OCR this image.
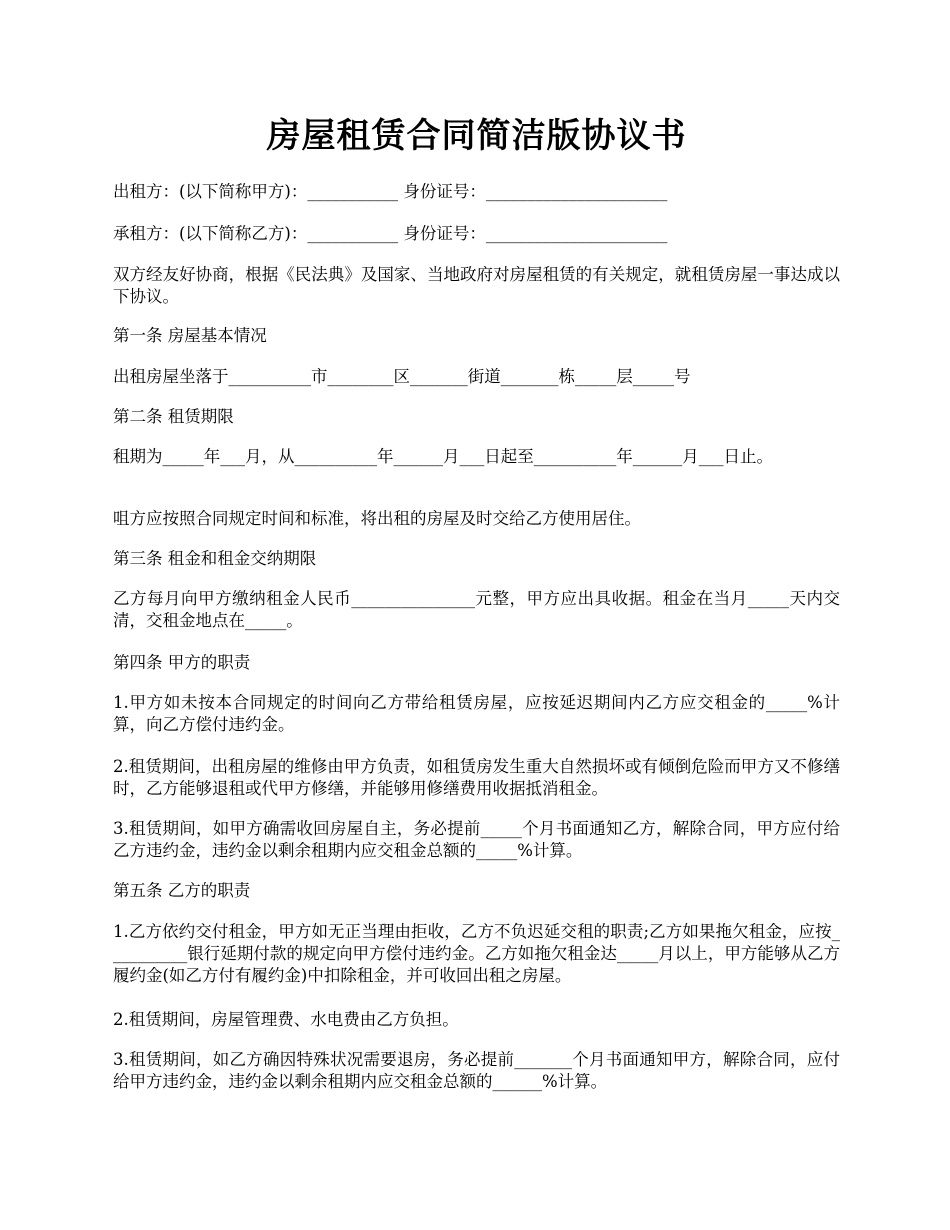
房屋租赁合同简洁版协议书

出租方：(以下简称甲方)：___________ 身份证号：______________________

承租方：(以下简称乙方)：___________ 身份证号：______________________

双方经友好协商，根据《民法典》及国家、当地政府对房屋租赁的有关规定，就租赁房屋一事达成以下协议。

第一条 房屋基本情况

出租房屋坐落于__________市________区_______街道_______栋_____层_____号

第二条 租赁期限

租期为_____年___月，从__________年______月___日起至__________年______月___日止。

咀方应按照合同规定时间和标准，将出租的房屋及时交给乙方使用居住。

第三条 租金和租金交纳期限

乙方每月向甲方缴纳租金人民币_______________元整，甲方应出具收据。租金在当月_____天内交清，交租金地点在_____。

第四条 甲方的职责

1.甲方如未按本合同规定的时间向乙方带给租赁房屋，应按延迟期间内乙方应交租金的_____%计算，向乙方偿付违约金。

2.租赁期间，出租房屋的维修由甲方负责，如租赁房发生重大自然损坏或有倾倒危险而甲方又不修缮时，乙方能够退租或代甲方修缮，并能够用修缮费用收据抵消租金。

3.租赁期间，如甲方确需收回房屋自主，务必提前_____个月书面通知乙方，解除合同，甲方应付给乙方违约金，违约金以剩余租期内应交租金总额的_____%计算。

第五条 乙方的职责

1.乙方依约交付租金，甲方如无正当理由拒收，乙方不负迟延交租的职责;乙方如果拖欠租金，应按__________银行延期付款的规定向甲方偿付违约金。乙方如拖欠租金达_____月以上，甲方能够从乙方履约金(如乙方付有履约金)中扣除租金，并可收回出租之房屋。

2.租赁期间，房屋管理费、水电费由乙方负担。

3.租赁期间，如乙方确因特殊状况需要退房，务必提前_______个月书面通知甲方，解除合同，应付给甲方违约金，违约金以剩余租期内应交租金总额的______%计算。
